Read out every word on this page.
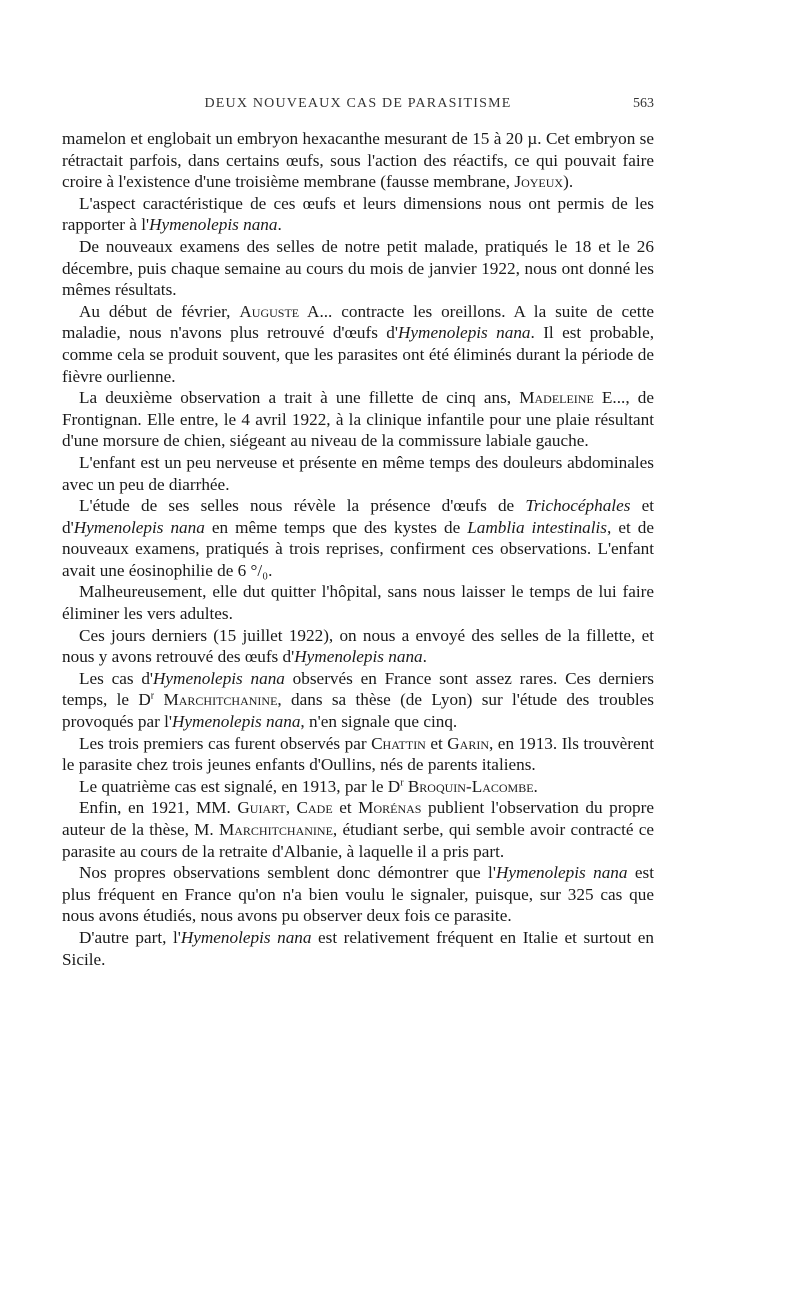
DEUX NOUVEAUX CAS DE PARASITISME	563

mamelon et englobait un embryon hexacanthe mesurant de 15 à 20 µ. Cet embryon se rétractait parfois, dans certains œufs, sous l'action des réactifs, ce qui pouvait faire croire à l'existence d'une troisième membrane (fausse membrane, Joyeux).

L'aspect caractéristique de ces œufs et leurs dimensions nous ont permis de les rapporter à l'Hymenolepis nana.

De nouveaux examens des selles de notre petit malade, pratiqués le 18 et le 26 décembre, puis chaque semaine au cours du mois de janvier 1922, nous ont donné les mêmes résultats.

Au début de février, Auguste A... contracte les oreillons. A la suite de cette maladie, nous n'avons plus retrouvé d'œufs d'Hymenolepis nana. Il est probable, comme cela se produit souvent, que les parasites ont été éliminés durant la période de fièvre ourlienne.

La deuxième observation a trait à une fillette de cinq ans, Madeleine E..., de Frontignan. Elle entre, le 4 avril 1922, à la clinique infantile pour une plaie résultant d'une morsure de chien, siégeant au niveau de la commissure labiale gauche.

L'enfant est un peu nerveuse et présente en même temps des douleurs abdominales avec un peu de diarrhée.

L'étude de ses selles nous révèle la présence d'œufs de Trichocéphales et d'Hymenolepis nana en même temps que des kystes de Lamblia intestinalis, et de nouveaux examens, pratiqués à trois reprises, confirment ces observations. L'enfant avait une éosinophilie de 6 °/₀.

Malheureusement, elle dut quitter l'hôpital, sans nous laisser le temps de lui faire éliminer les vers adultes.

Ces jours derniers (15 juillet 1922), on nous a envoyé des selles de la fillette, et nous y avons retrouvé des œufs d'Hymenolepis nana.

Les cas d'Hymenolepis nana observés en France sont assez rares. Ces derniers temps, le $D^r$ Marchitchanine, dans sa thèse (de Lyon) sur l'étude des troubles provoqués par l'Hymenolepis nana, n'en signale que cinq.

Les trois premiers cas furent observés par Chattin et Garin, en 1913. Ils trouvèrent le parasite chez trois jeunes enfants d'Oullins, nés de parents italiens.

Le quatrième cas est signalé, en 1913, par le $D^r$ Broquin-Lacombe.

Enfin, en 1921, MM. Guiart, Cade et Morénas publient l'observation du propre auteur de la thèse, M. Marchitchanine, étudiant serbe, qui semble avoir contracté ce parasite au cours de la retraite d'Albanie, à laquelle il a pris part.

Nos propres observations semblent donc démontrer que l'Hymenolepis nana est plus fréquent en France qu'on n'a bien voulu le signaler, puisque, sur 325 cas que nous avons étudiés, nous avons pu observer deux fois ce parasite.

D'autre part, l'Hymenolepis nana est relativement fréquent en Italie et surtout en Sicile.
